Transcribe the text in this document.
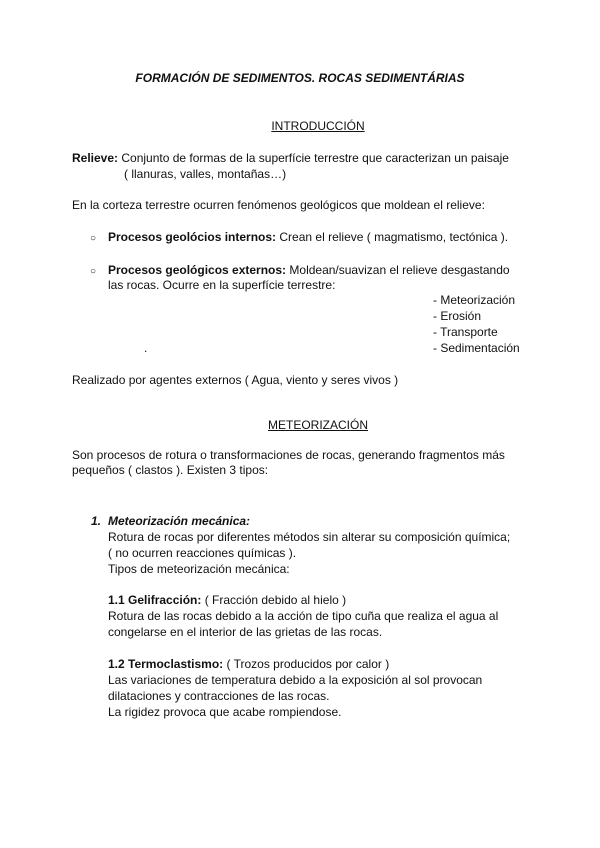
FORMACIÓN DE SEDIMENTOS. ROCAS SEDIMENTÁRIAS
INTRODUCCIÓN
Relieve: Conjunto de formas de la superfície terrestre que caracterizan un paisaje
( llanuras, valles, montañas…)
En la corteza terrestre ocurren fenómenos geológicos que moldean el relieve:
○ Procesos geolócios internos: Crean el relieve ( magmatismo, tectónica ).
○ Procesos geológicos externos: Moldean/suavizan el relieve desgastando
las rocas. Ocurre en la superfície terrestre:
- Meteorización
- Erosión
- Transporte
.	- Sedimentación
Realizado por agentes externos ( Agua, viento y seres vivos )
METEORIZACIÓN
Son procesos de rotura o transformaciones de rocas, generando fragmentos más
pequeños ( clastos ). Existen 3 tipos:
1. Meteorización mecánica:
Rotura de rocas por diferentes métodos sin alterar su composición química;
( no ocurren reacciones químicas ).
Tipos de meteorización mecánica:
1.1 Gelifracción: ( Fracción debido al hielo )
Rotura de las rocas debido a la acción de tipo cuña que realiza el agua al
congelarse en el interior de las grietas de las rocas.
1.2 Termoclastismo: ( Trozos producidos por calor )
Las variaciones de temperatura debido a la exposición al sol provocan
dilataciones y contracciones de las rocas.
La rigidez provoca que acabe rompiendose.
